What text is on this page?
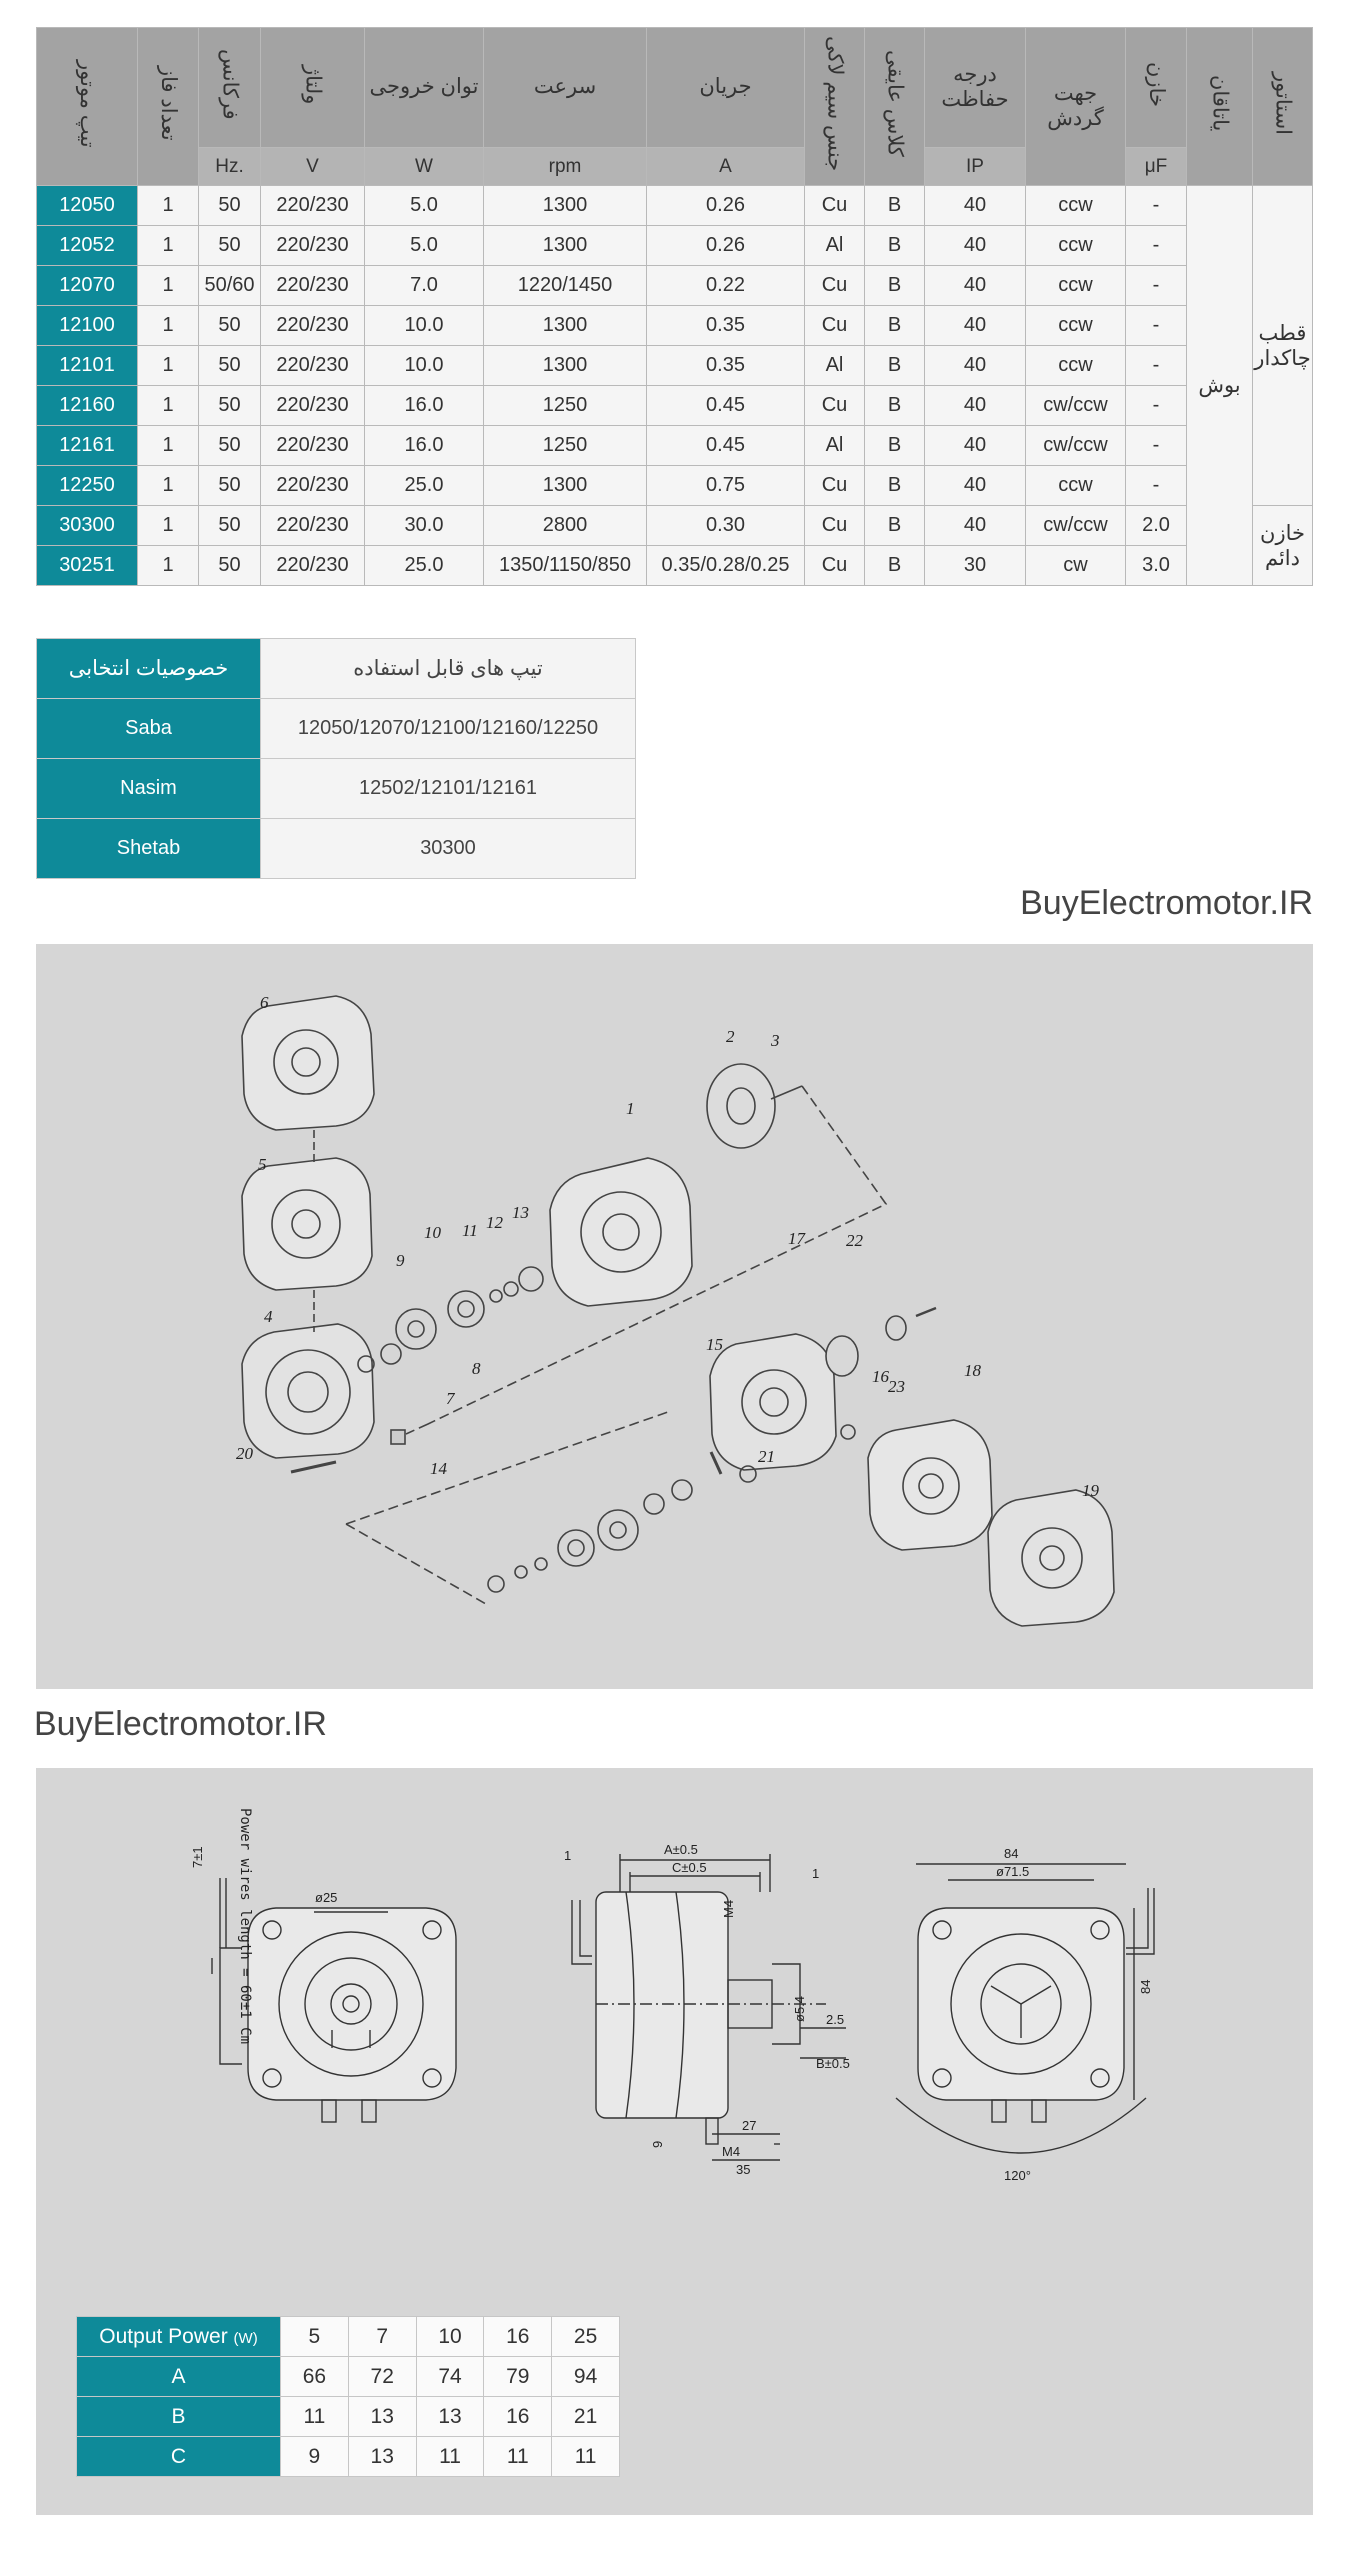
تیپ موتور	تعداد فاز	فرکانس	ولتاژ	توان خروجی	سرعت	جریان	جنس سیم لاکی	کلاس عایقی	درجه حفاظت	جهت گردش	خازن	یاتاقان	استاتور
		Hz.	V	W	rpm	A			IP		μF		
12050	1	50	220/230	5.0	1300	0.26	Cu	B	40	ccw	-	بوش	قطب چاکدار
12052	1	50	220/230	5.0	1300	0.26	Al	B	40	ccw	-		
12070	1	50/60	220/230	7.0	1220/1450	0.22	Cu	B	40	ccw	-		
12100	1	50	220/230	10.0	1300	0.35	Cu	B	40	ccw	-		
12101	1	50	220/230	10.0	1300	0.35	Al	B	40	ccw	-		
12160	1	50	220/230	16.0	1250	0.45	Cu	B	40	cw/ccw	-		
12161	1	50	220/230	16.0	1250	0.45	Al	B	40	cw/ccw	-		
12250	1	50	220/230	25.0	1300	0.75	Cu	B	40	ccw	-		
30300	1	50	220/230	30.0	2800	0.30	Cu	B	40	cw/ccw	2.0		خازن دائم
30251	1	50	220/230	25.0	1350/1150/850	0.35/0.28/0.25	Cu	B	30	cw	3.0		
خصوصیات انتخابی	تیپ های قابل استفاده
Saba	12050/12070/12100/12160/12250
Nasim	12502/12101/12161
Shetab	30300
BuyElectromotor.IR
1
2 3
4
5
6
7
8
9
10 11 12
13
14
15
16
17
18
19
20	21
22
23
BuyElectromotor.IR
ø25
7±1 Power wires length = 60±1 Cm	A±0.5
C±0.5
1
1
M4
2.5
ø5.4
B±0.5
9
27
M4
35
84
ø71.5
84
120°
Output Power (W)	5	7	10	16	25
A	66	72	74	79	94
B	11	13	13	16	21
C	9	13	11	11	11
